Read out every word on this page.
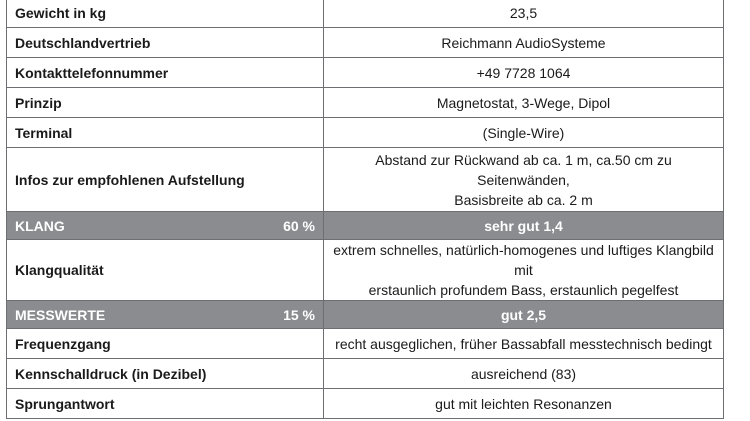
Gewicht in kg	23,5
Deutschlandvertrieb	Reichmann AudioSysteme
Kontakttelefonnummer	+49 7728 1064
Prinzip	Magnetostat, 3-Wege, Dipol
Terminal	(Single-Wire)
Infos zur empfohlenen Aufstellung	Abstand zur Rückwand ab ca. 1 m, ca.50 cm zu Seitenwänden,
Basisbreite ab ca. 2 m
KLANG 60 %	sehr gut 1,4
Klangqualität	extrem schnelles, natürlich-homogenes und luftiges Klangbild mit
erstaunlich profundem Bass, erstaunlich pegelfest
MESSWERTE 15 %	gut 2,5
Frequenzgang	recht ausgeglichen, früher Bassabfall messtechnisch bedingt
Kennschalldruck (in Dezibel)	ausreichend (83)
Sprungantwort	gut mit leichten Resonanzen
